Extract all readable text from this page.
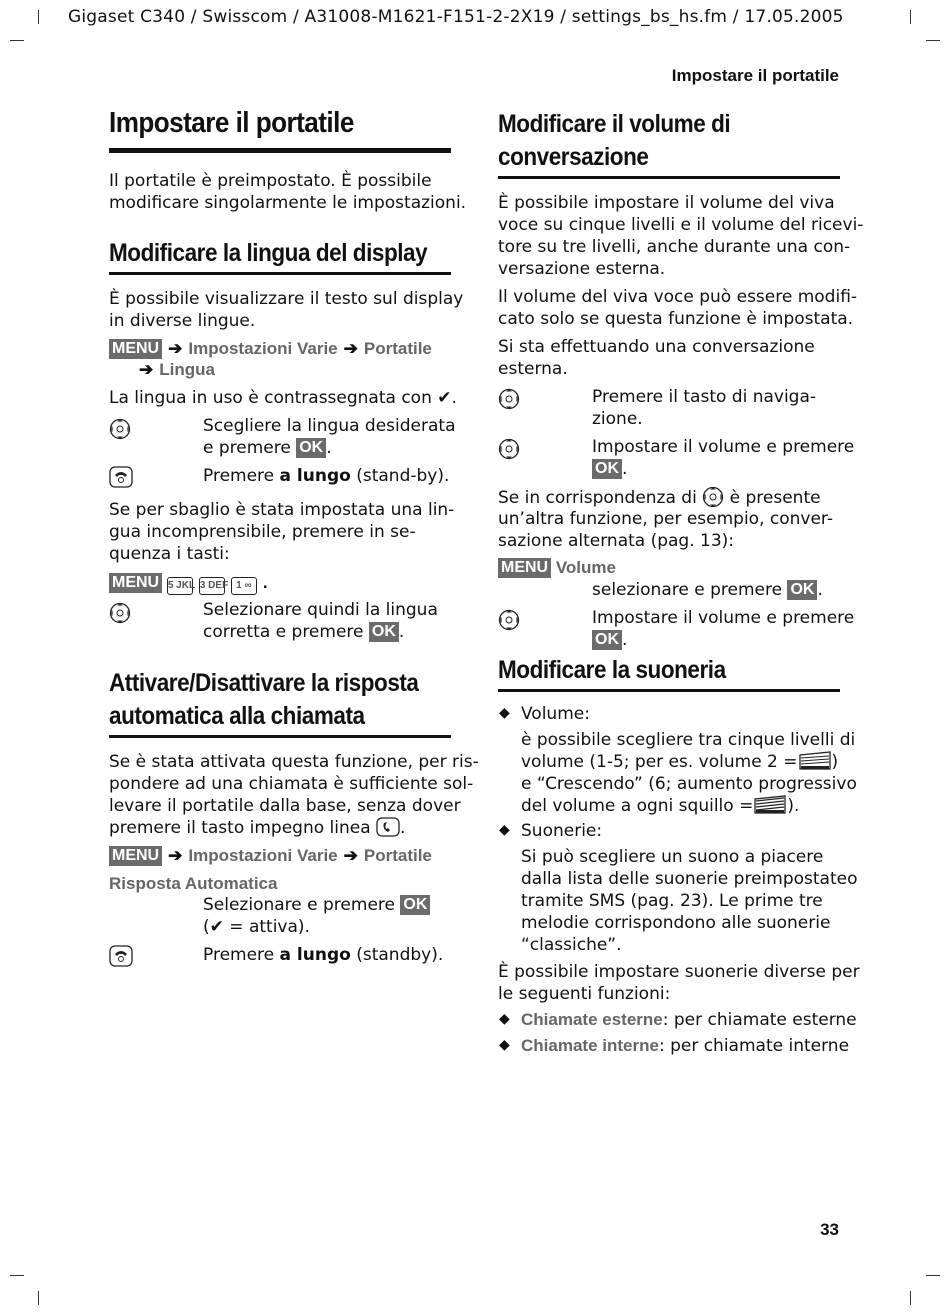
Gigaset C340 / Swisscom / A31008-M1621-F151-2-2X19 / settings_bs_hs.fm / 17.05.2005
Impostare il portatile
33
Impostare il portatile
Il portatile è preimpostato. È possibile
modificare singolarmente le impostazioni.
Modificare la lingua del display
È possibile visualizzare il testo sul display
in diverse lingue.
MENU ➔ Impostazioni Varie ➔ Portatile
➔ Lingua
La lingua in uso è contrassegnata con ✔.
Scegliere la lingua desiderata
e premere OK .
Premere a lungo (stand-by).
Se per sbaglio è stata impostata una lin-
gua incomprensibile, premere in se-
quenza i tasti:
MENU 5 JKL 3 DEF 1 ∞ .
Selezionare quindi la lingua
corretta e premere OK .
Attivare/Disattivare la risposta
automatica alla chiamata
Se è stata attivata questa funzione, per ris-
pondere ad una chiamata è sufficiente sol-
levare il portatile dalla base, senza dover
premere il tasto impegno linea .
MENU ➔ Impostazioni Varie ➔ Portatile
Risposta Automatica
Selezionare e premere OK
(✔ = attiva).
Premere a lungo (standby).
Modificare il volume di
conversazione
È possibile impostare il volume del viva
voce su cinque livelli e il volume del ricevi-
tore su tre livelli, anche durante una con-
versazione esterna.
Il volume del viva voce può essere modifi-
cato solo se questa funzione è impostata.
Si sta effettuando una conversazione
esterna.
Premere il tasto di naviga-
zione.
Impostare il volume e premere
OK .
Se in corrispondenza di è presente
un’altra funzione, per esempio, conver-
sazione alternata (pag. 13):
MENU Volume
selezionare e premere OK .
Impostare il volume e premere
OK .
Modificare la suoneria
◆ Volume:
è possibile scegliere tra cinque livelli di
volume (1-5; per es. volume 2 = )
e “Crescendo” (6; aumento progressivo
del volume a ogni squillo = ).
◆ Suonerie:
Si può scegliere un suono a piacere
dalla lista delle suonerie preimpostateo
tramite SMS (pag. 23). Le prime tre
melodie corrispondono alle suonerie
“classiche”.
È possibile impostare suonerie diverse per
le seguenti funzioni:
◆ Chiamate esterne: per chiamate esterne
◆ Chiamate interne: per chiamate interne
